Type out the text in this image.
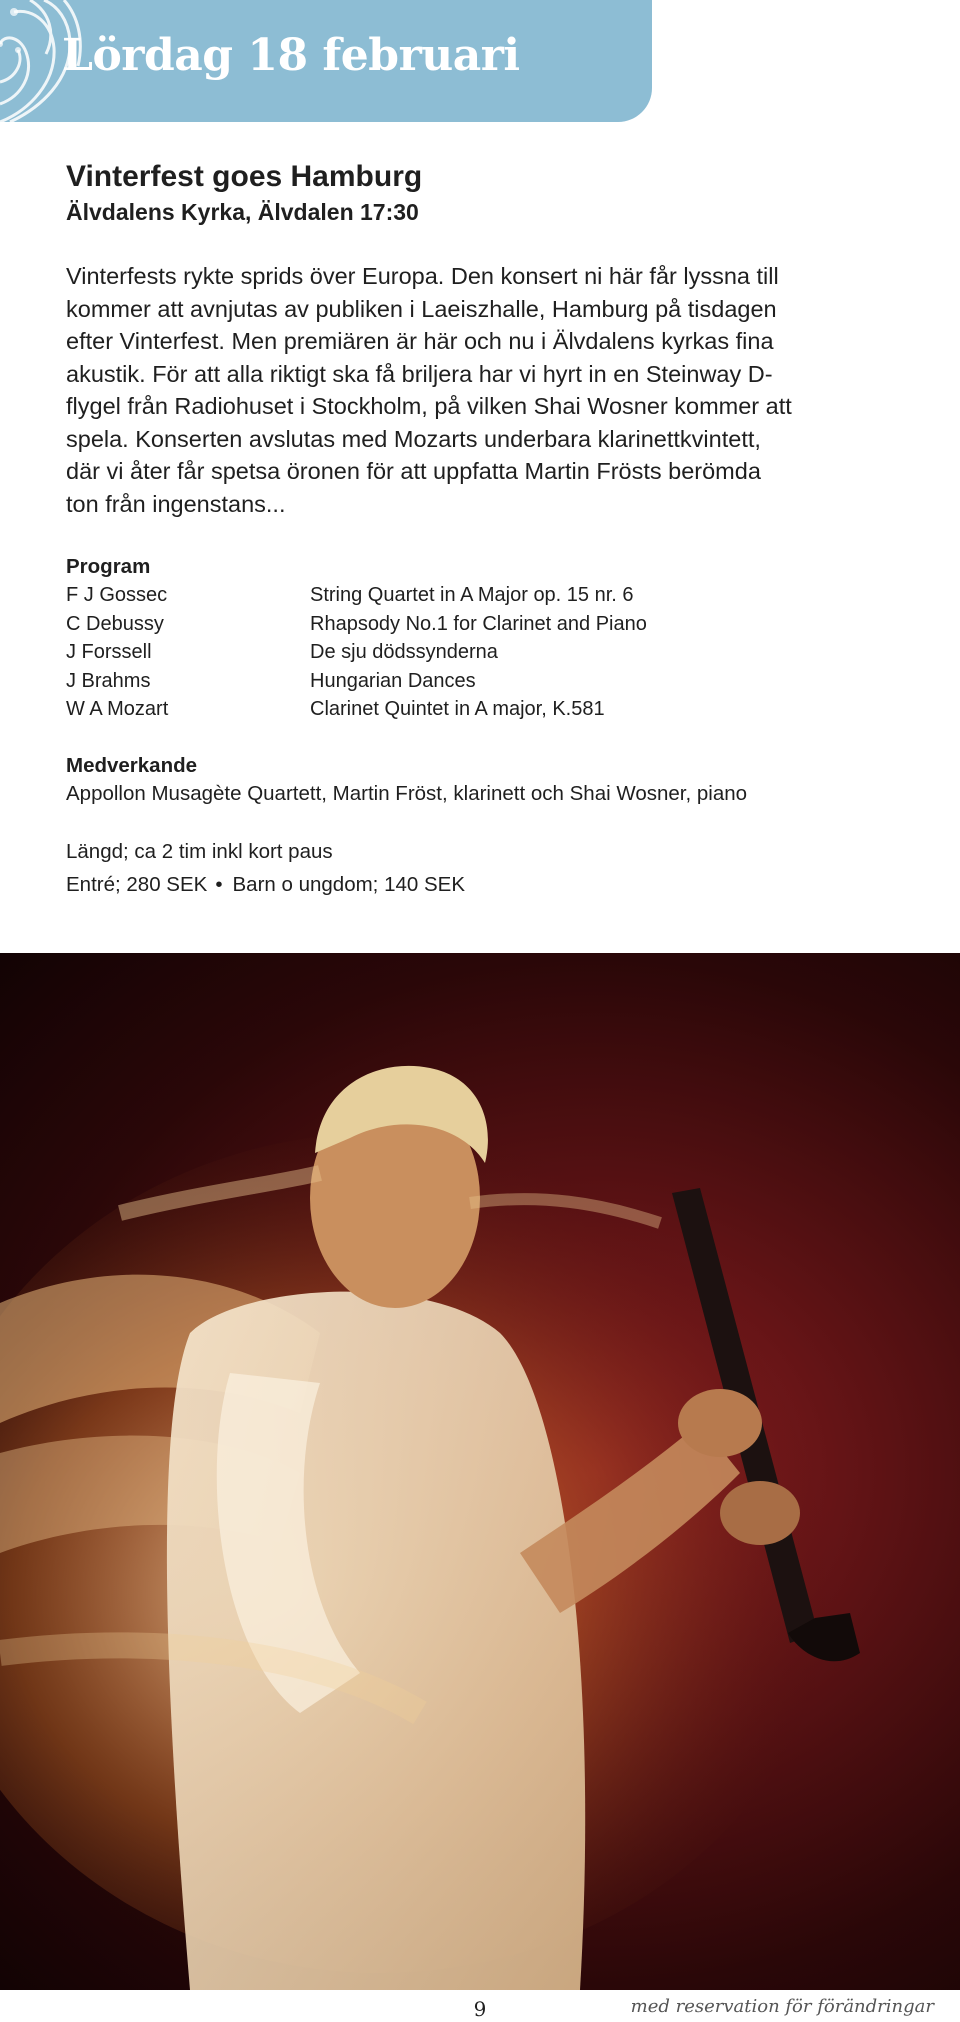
Lördag 18 februari
Vinterfest goes Hamburg

Älvdalens Kyrka, Älvdalen 17:30

Vinterfests rykte sprids över Europa. Den konsert ni här får lyssna till
kommer att avnjutas av publiken i Laeiszhalle, Hamburg på tisdagen
efter Vinterfest. Men premiären är här och nu i Älvdalens kyrkas fina
akustik. För att alla riktigt ska få briljera har vi hyrt in en Steinway D-
flygel från Radiohuset i Stockholm, på vilken Shai Wosner kommer att
spela. Konserten avslutas med Mozarts underbara klarinettkvintett,
där vi åter får spetsa öronen för att uppfatta Martin Frösts berömda
ton från ingenstans...

Program
F J Gossec	String Quartet in A Major op. 15 nr. 6
C Debussy	Rhapsody No.1 for Clarinet and Piano
J Forssell	De sju dödssynderna
J Brahms	Hungarian Dances
W A Mozart	Clarinet Quintet in A major, K.581
Medverkande

Appollon Musagète Quartett, Martin Fröst, klarinett och Shai Wosner, piano

Längd; ca 2 tim inkl kort paus

Entré; 280 SEK • Barn o ungdom; 140 SEK

9	med reservation för förändringar
